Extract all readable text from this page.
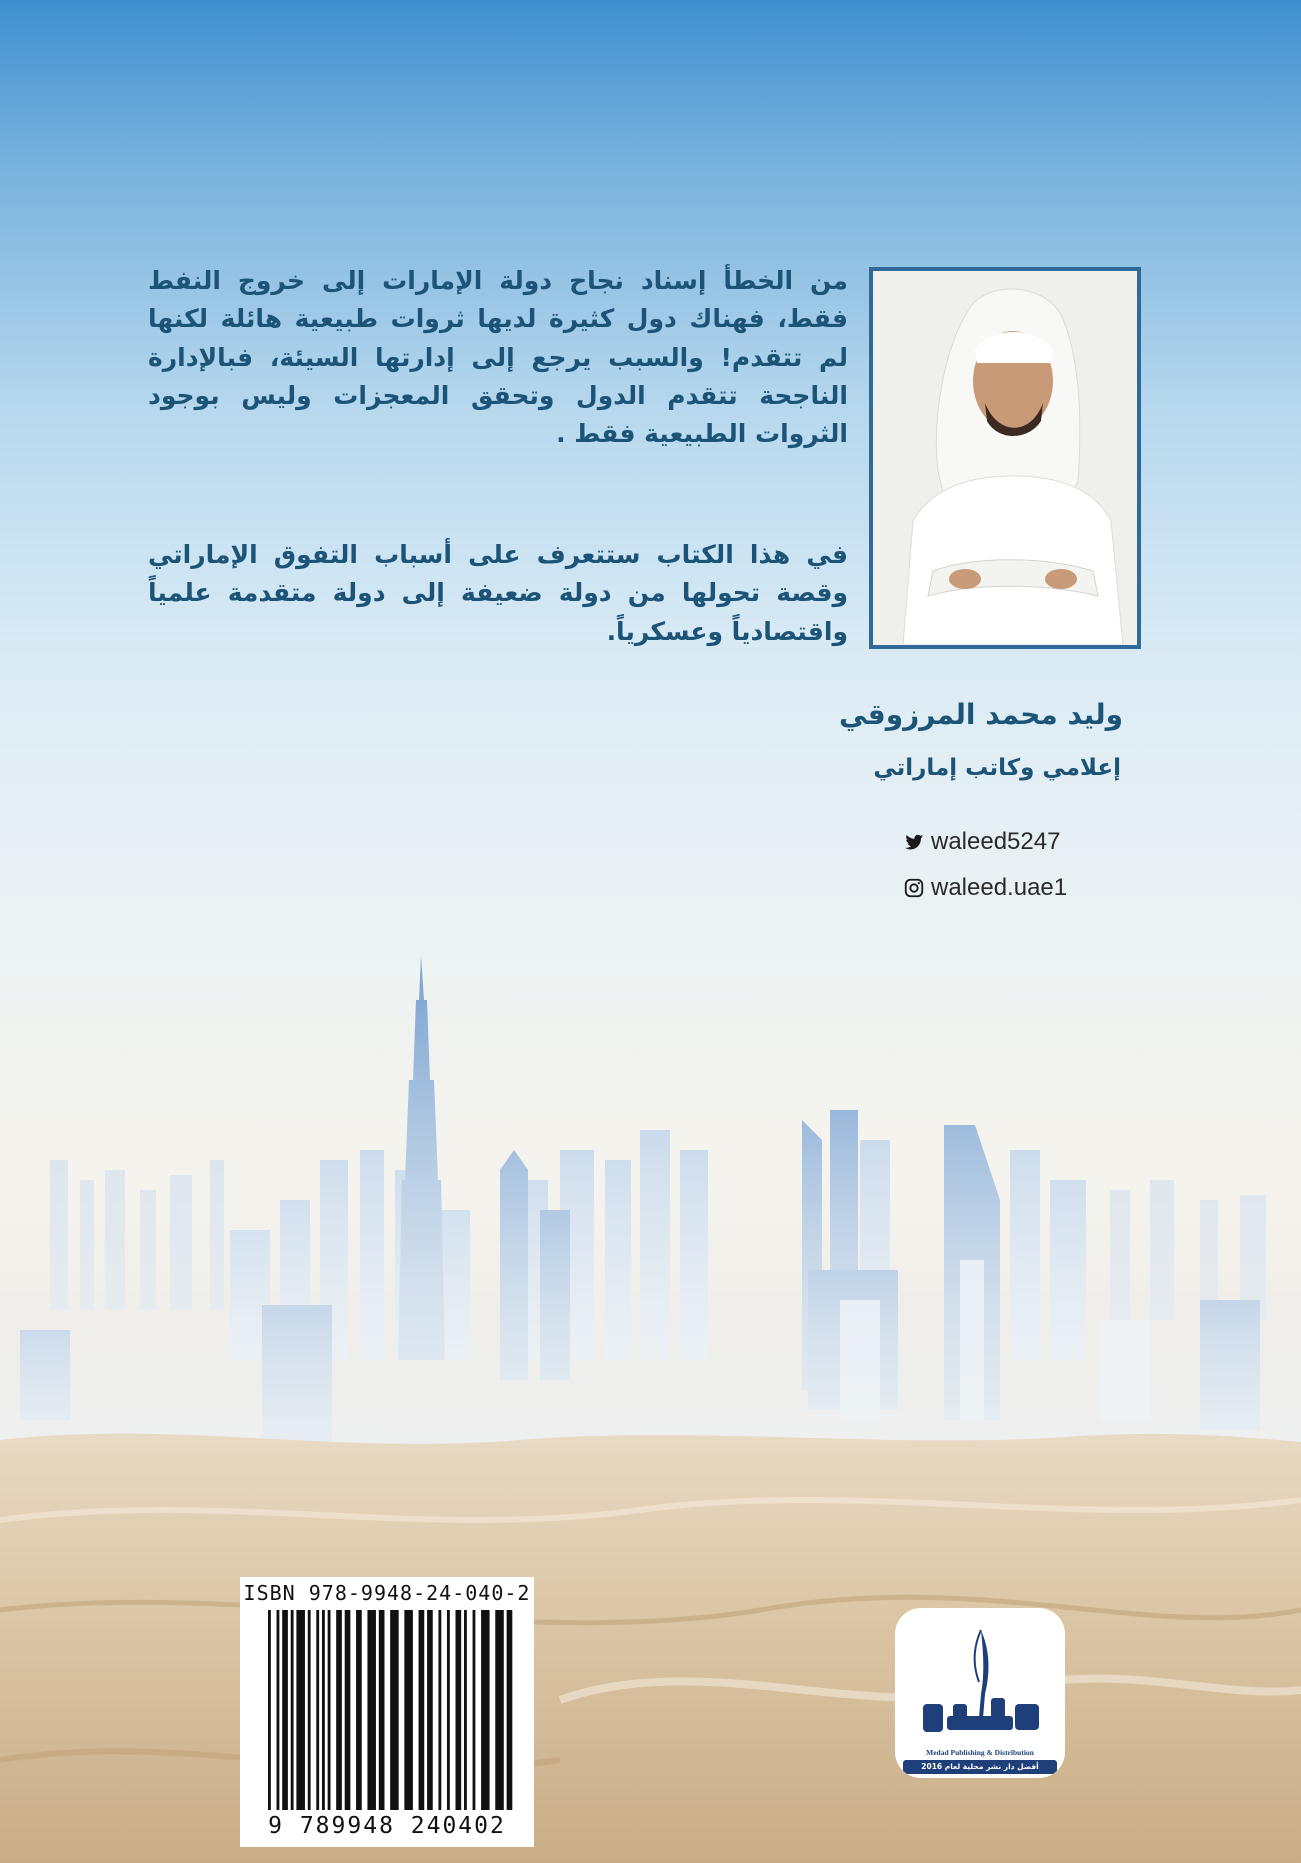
من الخطأ إسناد نجاح دولة الإمارات إلى خروج النفط فقط، فهناك دول كثيرة لديها ثروات طبيعية هائلة لكنها لم تتقدم! والسبب يرجع إلى إدارتها السيئة، فبالإدارة الناجحة تتقدم الدول وتحقق المعجزات وليس بوجود الثروات الطبيعية فقط .

في هذا الكتاب ستتعرف على أسباب التفوق الإماراتي وقصة تحولها من دولة ضعيفة إلى دولة متقدمة علمياً واقتصادياً وعسكرياً.

وليد محمد المرزوقي

إعلامي وكاتب إماراتي

waleed5247
waleed.uae1

ISBN 978-9948-24-040-2

9 789948 240402

Medad Publishing & Distribution

أفضل دار نشر محلية لعام 2016
